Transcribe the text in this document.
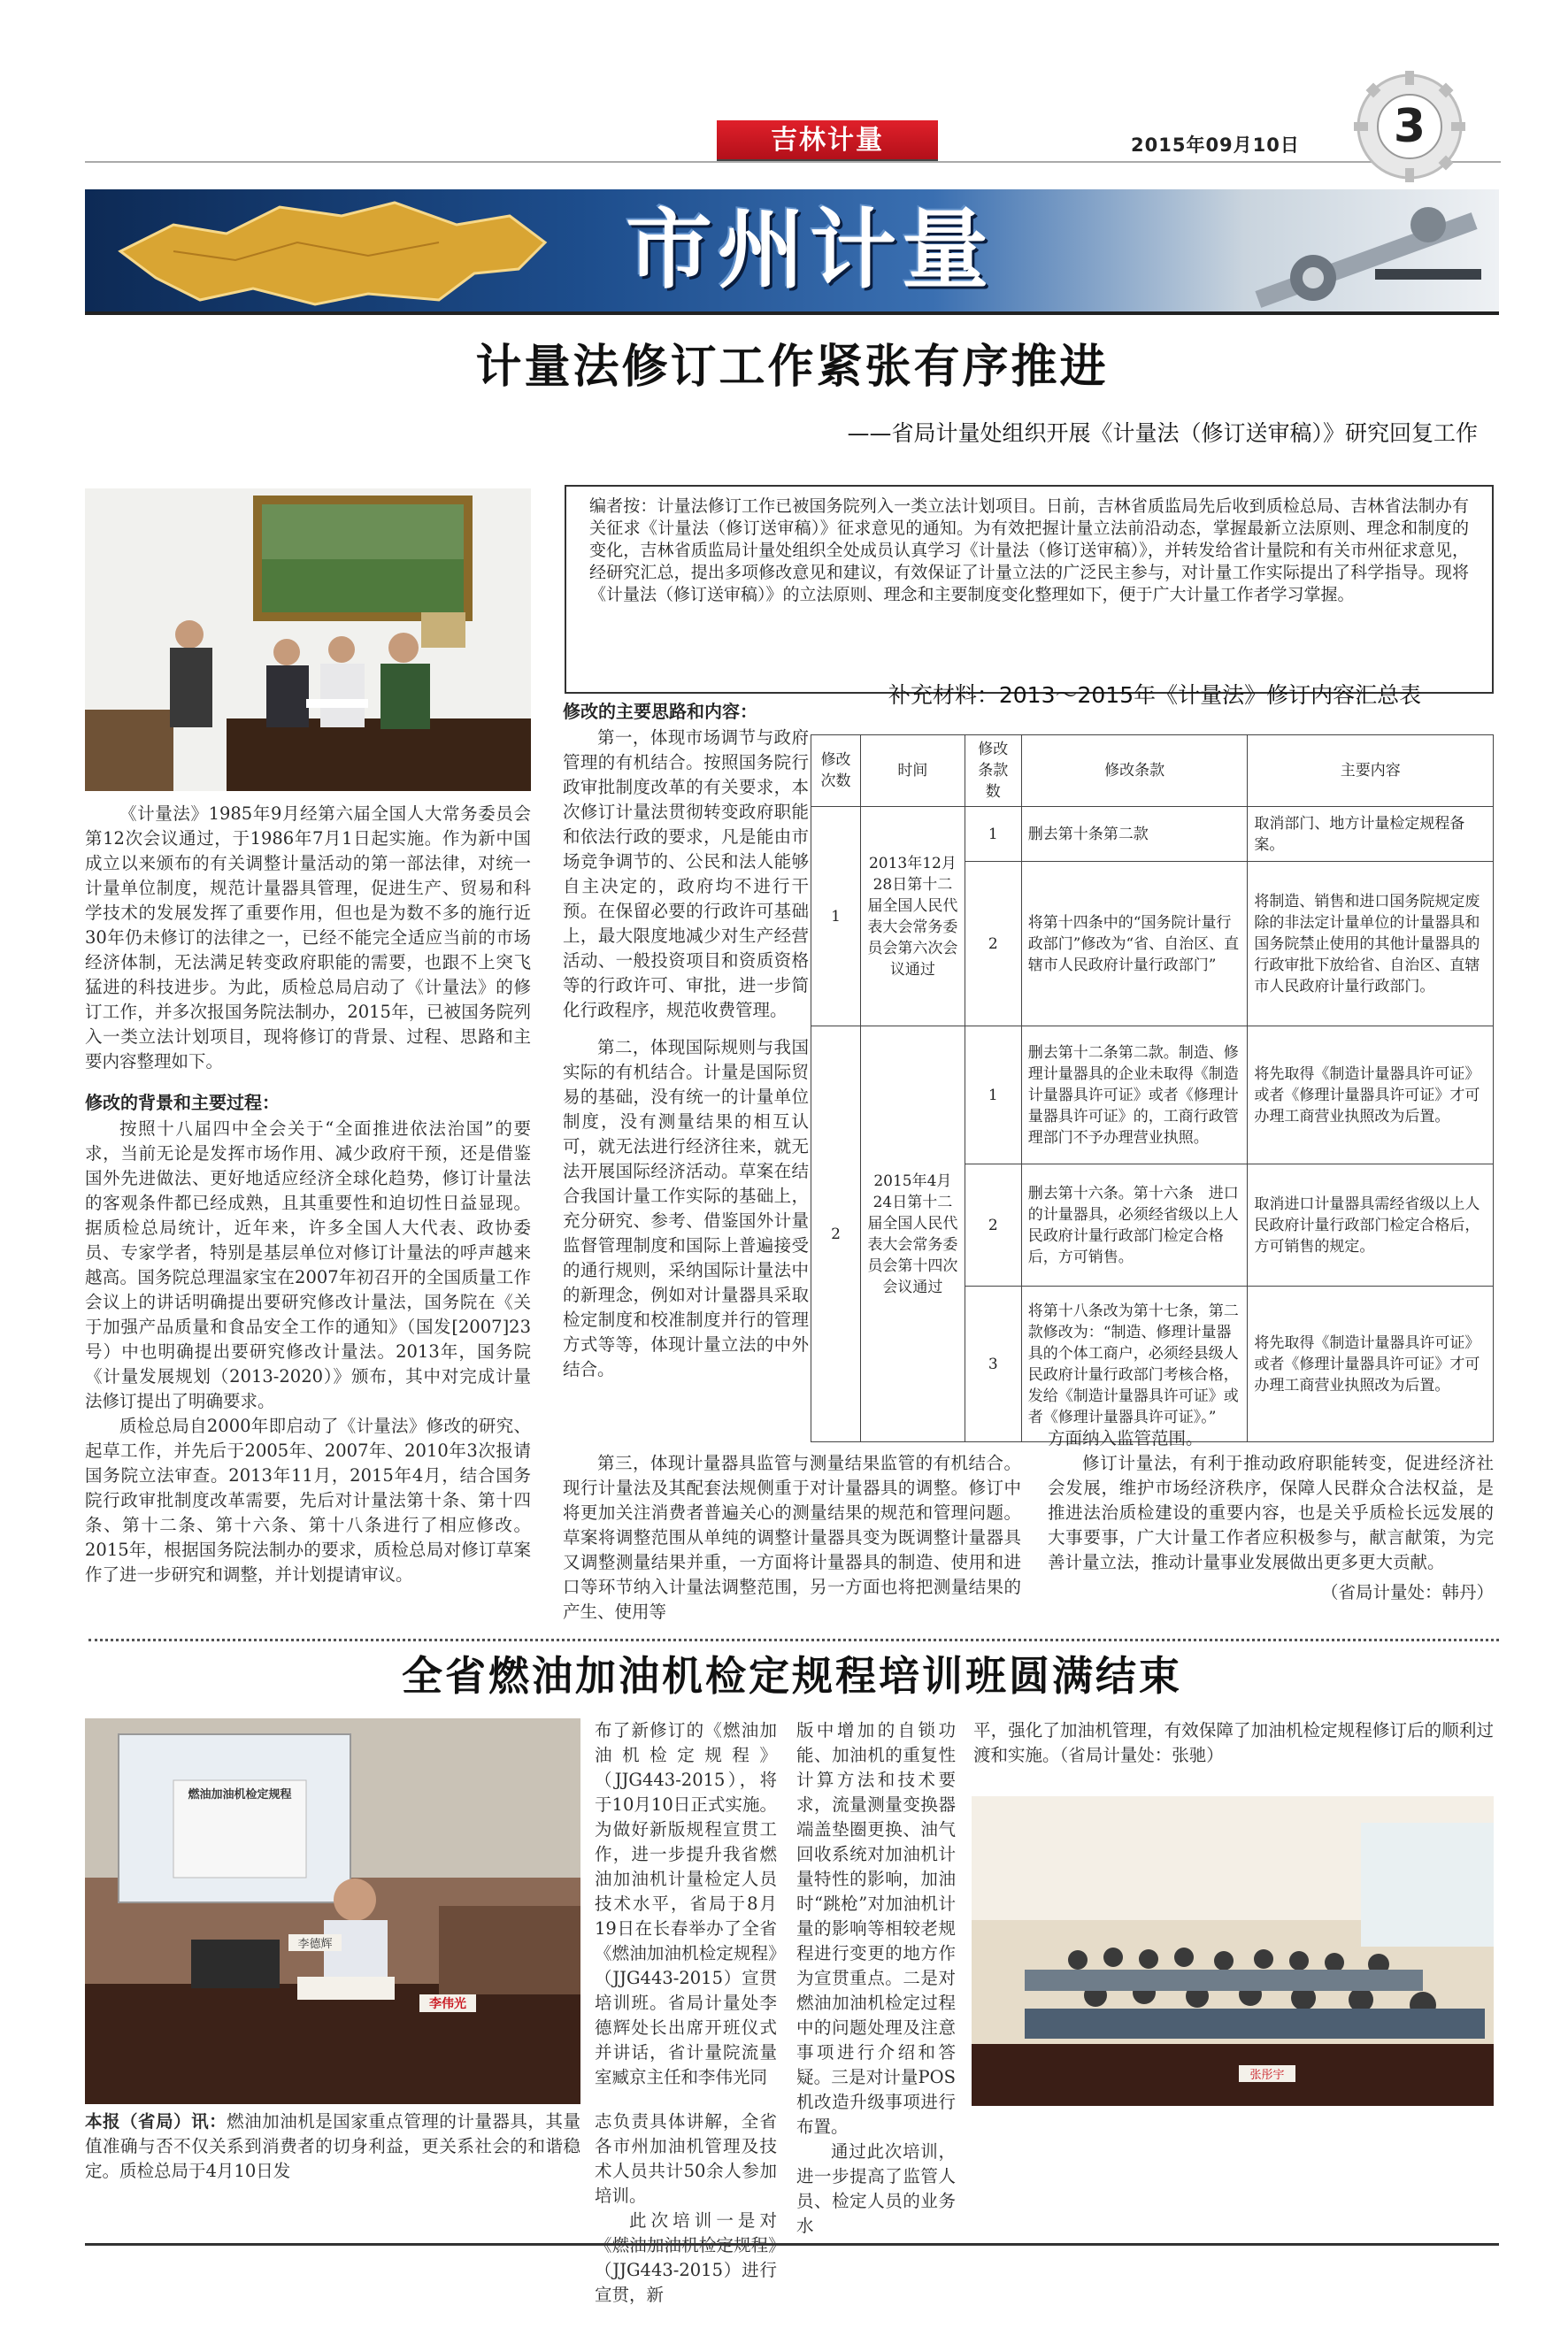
吉林计量	2015年09月10日	3
市州计量
计量法修订工作紧张有序推进
——省局计量处组织开展《计量法（修订送审稿）》研究回复工作
编者按：计量法修订工作已被国务院列入一类立法计划项目。日前，吉林省质监局先后收到质检总局、吉林省法制办有关征求《计量法（修订送审稿）》征求意见的通知。为有效把握计量立法前沿动态，掌握最新立法原则、理念和制度的变化，吉林省质监局计量处组织全处成员认真学习《计量法（修订送审稿）》，并转发给省计量院和有关市州征求意见，经研究汇总，提出多项修改意见和建议，有效保证了计量立法的广泛民主参与，对计量工作实际提出了科学指导。现将《计量法（修订送审稿）》的立法原则、理念和主要制度变化整理如下，便于广大计量工作者学习掌握。

《计量法》1985年9月经第六届全国人大常务委员会第12次会议通过，于1986年7月1日起实施。作为新中国成立以来颁布的有关调整计量活动的第一部法律，对统一计量单位制度，规范计量器具管理，促进生产、贸易和科学技术的发展发挥了重要作用，但也是为数不多的施行近30年仍未修订的法律之一，已经不能完全适应当前的市场经济体制，无法满足转变政府职能的需要，也跟不上突飞猛进的科技进步。为此，质检总局启动了《计量法》的修订工作，并多次报国务院法制办，2015年，已被国务院列入一类立法计划项目，现将修订的背景、过程、思路和主要内容整理如下。

修改的背景和主要过程：

按照十八届四中全会关于“全面推进依法治国”的要求，当前无论是发挥市场作用、减少政府干预，还是借鉴国外先进做法、更好地适应经济全球化趋势，修订计量法的客观条件都已经成熟，且其重要性和迫切性日益显现。据质检总局统计，近年来，许多全国人大代表、政协委员、专家学者，特别是基层单位对修订计量法的呼声越来越高。国务院总理温家宝在2007年初召开的全国质量工作会议上的讲话明确提出要研究修改计量法，国务院在《关于加强产品质量和食品安全工作的通知》（国发[2007]23号）中也明确提出要研究修改计量法。2013年，国务院《计量发展规划（2013-2020）》颁布，其中对完成计量法修订提出了明确要求。

质检总局自2000年即启动了《计量法》修改的研究、起草工作，并先后于2005年、2007年、2010年3次报请国务院立法审查。2013年11月，2015年4月，结合国务院行政审批制度改革需要，先后对计量法第十条、第十四条、第十二条、第十六条、第十八条进行了相应修改。2015年，根据国务院法制办的要求，质检总局对修订草案作了进一步研究和调整，并计划提请审议。

修改的主要思路和内容：

第一，体现市场调节与政府管理的有机结合。按照国务院行政审批制度改革的有关要求，本次修订计量法贯彻转变政府职能和依法行政的要求，凡是能由市场竞争调节的、公民和法人能够自主决定的，政府均不进行干预。在保留必要的行政许可基础上，最大限度地减少对生产经营活动、一般投资项目和资质资格等的行政许可、审批，进一步简化行政程序，规范收费管理。

第二，体现国际规则与我国实际的有机结合。计量是国际贸易的基础，没有统一的计量单位制度，没有测量结果的相互认可，就无法进行经济往来，就无法开展国际经济活动。草案在结合我国计量工作实际的基础上，充分研究、参考、借鉴国外计量监督管理制度和国际上普遍接受的通行规则，采纳国际计量法中的新理念，例如对计量器具采取检定制度和校准制度并行的管理方式等等，体现计量立法的中外结合。

补充材料：2013～2015年《计量法》修订内容汇总表
修改次数	时间	修改条款数	修改条款	主要内容
1	2013年12月28日第十二届全国人民代表大会常务委员会第六次会议通过	1	删去第十条第二款	取消部门、地方计量检定规程备案。
		2	将第十四条中的“国务院计量行政部门”修改为“省、自治区、直辖市人民政府计量行政部门”	将制造、销售和进口国务院规定废除的非法定计量单位的计量器具和国务院禁止使用的其他计量器具的行政审批下放给省、自治区、直辖市人民政府计量行政部门。
2	2015年4月24日第十二届全国人民代表大会常务委员会第十四次会议通过	1	删去第十二条第二款。制造、修理计量器具的企业未取得《制造计量器具许可证》或者《修理计量器具许可证》的，工商行政管理部门不予办理营业执照。	将先取得《制造计量器具许可证》或者《修理计量器具许可证》才可办理工商营业执照改为后置。
		2	删去第十六条。第十六条　进口的计量器具，必须经省级以上人民政府计量行政部门检定合格后，方可销售。	取消进口计量器具需经省级以上人民政府计量行政部门检定合格后，方可销售的规定。
		3	将第十八条改为第十七条，第二款修改为：“制造、修理计量器具的个体工商户，必须经县级人民政府计量行政部门考核合格，发给《制造计量器具许可证》或者《修理计量器具许可证》。”	将先取得《制造计量器具许可证》或者《修理计量器具许可证》才可办理工商营业执照改为后置。

第三，体现计量器具监管与测量结果监管的有机结合。现行计量法及其配套法规侧重于对计量器具的调整。修订中将更加关注消费者普遍关心的测量结果的规范和管理问题。草案将调整范围从单纯的调整计量器具变为既调整计量器具又调整测量结果并重，一方面将计量器具的制造、使用和进口等环节纳入计量法调整范围，另一方面也将把测量结果的产生、使用等

方面纳入监管范围。

修订计量法，有利于推动政府职能转变，促进经济社会发展，维护市场经济秩序，保障人民群众合法权益，是推进法治质检建设的重要内容，也是关乎质检长远发展的大事要事，广大计量工作者应积极参与，献言献策，为完善计量立法，推动计量事业发展做出更多更大贡献。

（省局计量处：韩丹）
全省燃油加油机检定规程培训班圆满结束
燃油加油机检定规程
李德辉
李伟光

本报（省局）讯：燃油加油机是国家重点管理的计量器具，其量值准确与否不仅关系到消费者的切身利益，更关系社会的和谐稳定。质检总局于4月10日发

布了新修订的《燃油加油机检定规程》（JJG443-2015），将于10月10日正式实施。为做好新版规程宣贯工作，进一步提升我省燃油加油机计量检定人员技术水平，省局于8月19日在长春举办了全省《燃油加油机检定规程》（JJG443-2015）宣贯培训班。省局计量处李德辉处长出席开班仪式并讲话，省计量院流量室臧京主任和李伟光同

志负责具体讲解，全省各市州加油机管理及技术人员共计50余人参加培训。

此次培训一是对 （JJG443-2015）进行宣贯，新

版中增加的自锁功能、加油机的重复性计算方法和技术要求，流量测量变换器端盖垫圈更换、油气回收系统对加油机计量特性的影响，加油时“跳枪”对加油机计量的影响等相较老规程进行变更的地方作为宣贯重点。二是对燃油加油机检定过程中的问题处理及注意事项进行介绍和答疑。三是对计量POS机改造升级事项进行布置。

通过此次培训，进一步提高了监管人员、检定人员的业务水

平，强化了加油机管理，有效保障了加油机检定规程修订后的顺利过渡和实施。（省局计量处：张驰）

张彤宇
